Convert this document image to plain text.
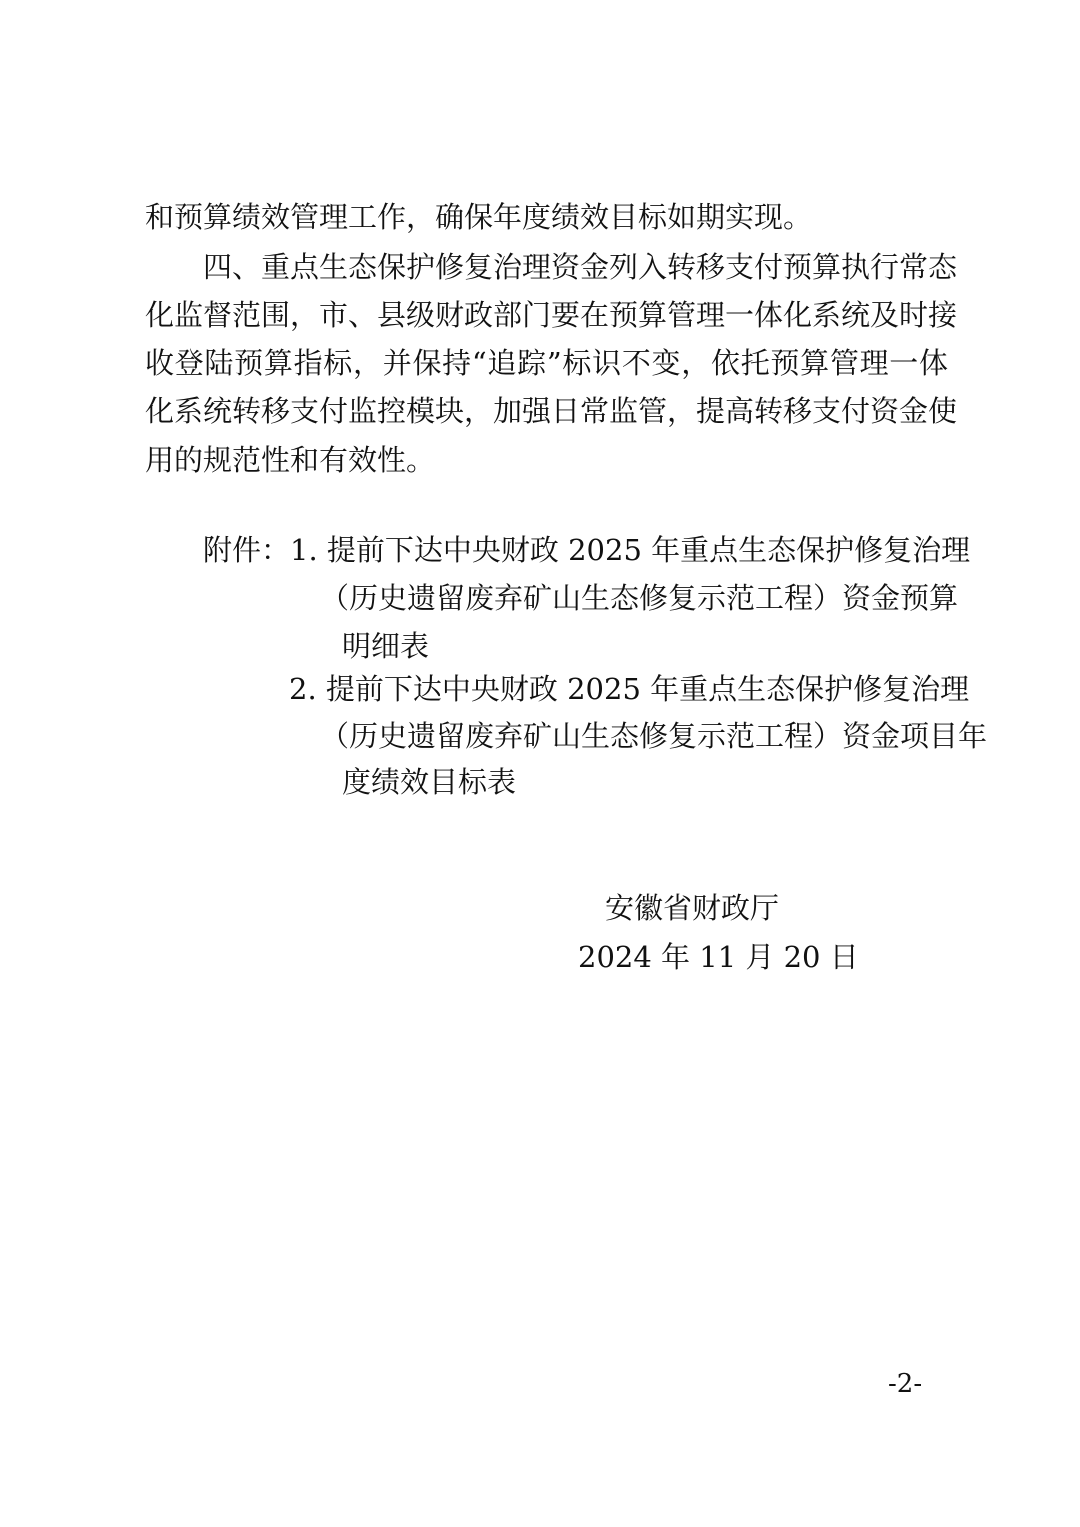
和预算绩效管理工作，确保年度绩效目标如期实现。
四、重点生态保护修复治理资金列入转移支付预算执行常态
化监督范围，市、县级财政部门要在预算管理一体化系统及时接
收登陆预算指标，并保持“追踪”标识不变，依托预算管理一体
化系统转移支付监控模块，加强日常监管，提高转移支付资金使
用的规范性和有效性。
附件：1. 提前下达中央财政 2025 年重点生态保护修复治理
（历史遗留废弃矿山生态修复示范工程）资金预算
明细表
2. 提前下达中央财政 2025 年重点生态保护修复治理
（历史遗留废弃矿山生态修复示范工程）资金项目年
度绩效目标表
安徽省财政厅
2024 年 11 月 20 日
-2-
